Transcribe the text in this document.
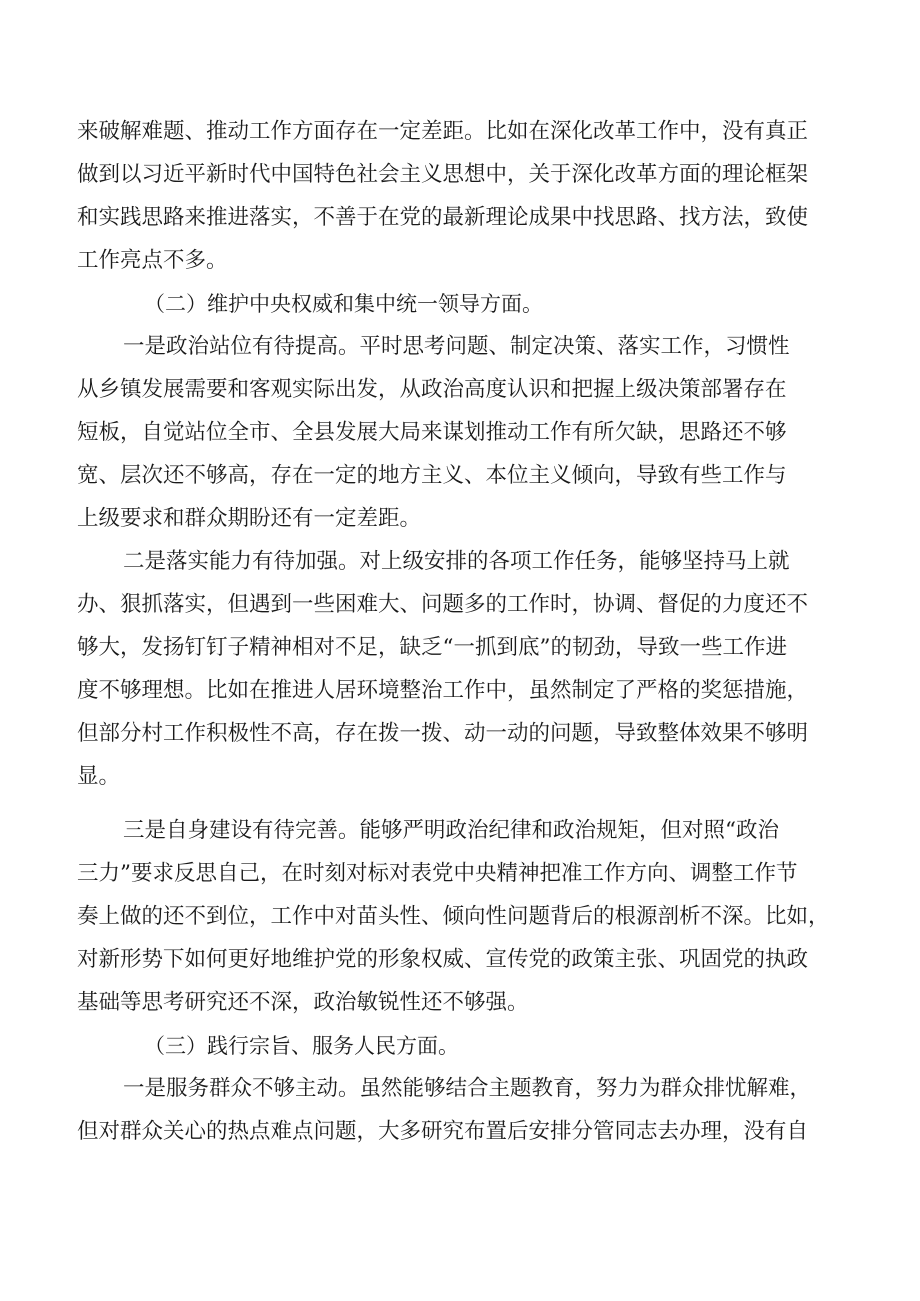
来破解难题、推动工作方面存在一定差距。比如在深化改革工作中，没有真正
做到以习近平新时代中国特色社会主义思想中，关于深化改革方面的理论框架
和实践思路来推进落实，不善于在党的最新理论成果中找思路、找方法，致使
工作亮点不多。
（二）维护中央权威和集中统一领导方面。
一是政治站位有待提高。平时思考问题、制定决策、落实工作，习惯性
从乡镇发展需要和客观实际出发，从政治高度认识和把握上级决策部署存在
短板，自觉站位全市、全县发展大局来谋划推动工作有所欠缺，思路还不够
宽、层次还不够高，存在一定的地方主义、本位主义倾向，导致有些工作与
上级要求和群众期盼还有一定差距。
二是落实能力有待加强。对上级安排的各项工作任务，能够坚持马上就
办、狠抓落实，但遇到一些困难大、问题多的工作时，协调、督促的力度还不
够大，发扬钉钉子精神相对不足，缺乏“一抓到底”的韧劲，导致一些工作进
度不够理想。比如在推进人居环境整治工作中，虽然制定了严格的奖惩措施，
但部分村工作积极性不高，存在拨一拨、动一动的问题，导致整体效果不够明
显。
三是自身建设有待完善。能够严明政治纪律和政治规矩，但对照“政治
三力”要求反思自己，在时刻对标对表党中央精神把准工作方向、调整工作节
奏上做的还不到位，工作中对苗头性、倾向性问题背后的根源剖析不深。比如，
对新形势下如何更好地维护党的形象权威、宣传党的政策主张、巩固党的执政
基础等思考研究还不深，政治敏锐性还不够强。
（三）践行宗旨、服务人民方面。
一是服务群众不够主动。虽然能够结合主题教育，努力为群众排忧解难，
但对群众关心的热点难点问题，大多研究布置后安排分管同志去办理，没有自
